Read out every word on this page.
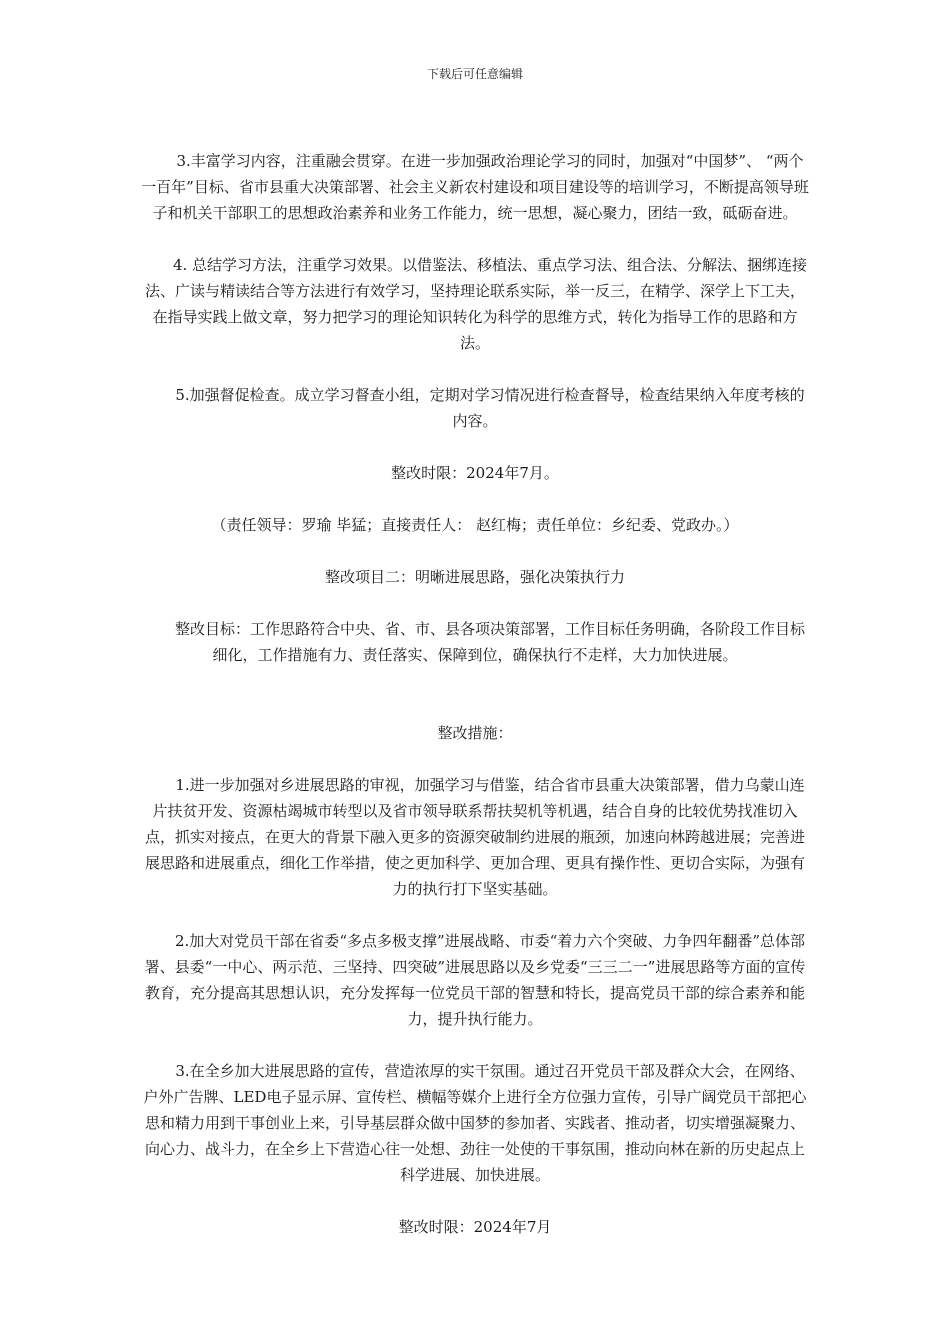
下载后可任意编辑

3.丰富学习内容，注重融会贯穿。在进一步加强政治理论学习的同时，加强对“中国梦”、 “两个一百年”目标、省市县重大决策部署、社会主义新农村建设和项目建设等的培训学习，不断提高领导班子和机关干部职工的思想政治素养和业务工作能力，统一思想，凝心聚力，团结一致，砥砺奋进。

4. 总结学习方法，注重学习效果。以借鉴法、移植法、重点学习法、组合法、分解法、捆绑连接法、广读与精读结合等方法进行有效学习，坚持理论联系实际，举一反三，在精学、深学上下工夫，在指导实践上做文章，努力把学习的理论知识转化为科学的思维方式，转化为指导工作的思路和方法。

5.加强督促检查。成立学习督查小组，定期对学习情况进行检查督导，检查结果纳入年度考核的内容。

整改时限：2024年7月。

（责任领导：罗瑜 毕猛；直接责任人： 赵红梅；责任单位：乡纪委、党政办。）

整改项目二：明晰进展思路，强化决策执行力

整改目标：工作思路符合中央、省、市、县各项决策部署，工作目标任务明确，各阶段工作目标细化，工作措施有力、责任落实、保障到位，确保执行不走样，大力加快进展。

整改措施：

1.进一步加强对乡进展思路的审视，加强学习与借鉴，结合省市县重大决策部署，借力乌蒙山连片扶贫开发、资源枯竭城市转型以及省市领导联系帮扶契机等机遇，结合自身的比较优势找准切入点，抓实对接点，在更大的背景下融入更多的资源突破制约进展的瓶颈，加速向林跨越进展；完善进展思路和进展重点，细化工作举措，使之更加科学、更加合理、更具有操作性、更切合实际，为强有力的执行打下坚实基础。

2.加大对党员干部在省委“多点多极支撑”进展战略、市委“着力六个突破、力争四年翻番”总体部署、县委“一中心、两示范、三坚持、四突破”进展思路以及乡党委“三三二一”进展思路等方面的宣传教育，充分提高其思想认识，充分发挥每一位党员干部的智慧和特长，提高党员干部的综合素养和能力，提升执行能力。

3.在全乡加大进展思路的宣传，营造浓厚的实干氛围。通过召开党员干部及群众大会，在网络、户外广告牌、LED电子显示屏、宣传栏、横幅等媒介上进行全方位强力宣传，引导广阔党员干部把心思和精力用到干事创业上来，引导基层群众做中国梦的参加者、实践者、推动者，切实增强凝聚力、向心力、战斗力，在全乡上下营造心往一处想、劲往一处使的干事氛围，推动向林在新的历史起点上科学进展、加快进展。

整改时限：2024年7月
